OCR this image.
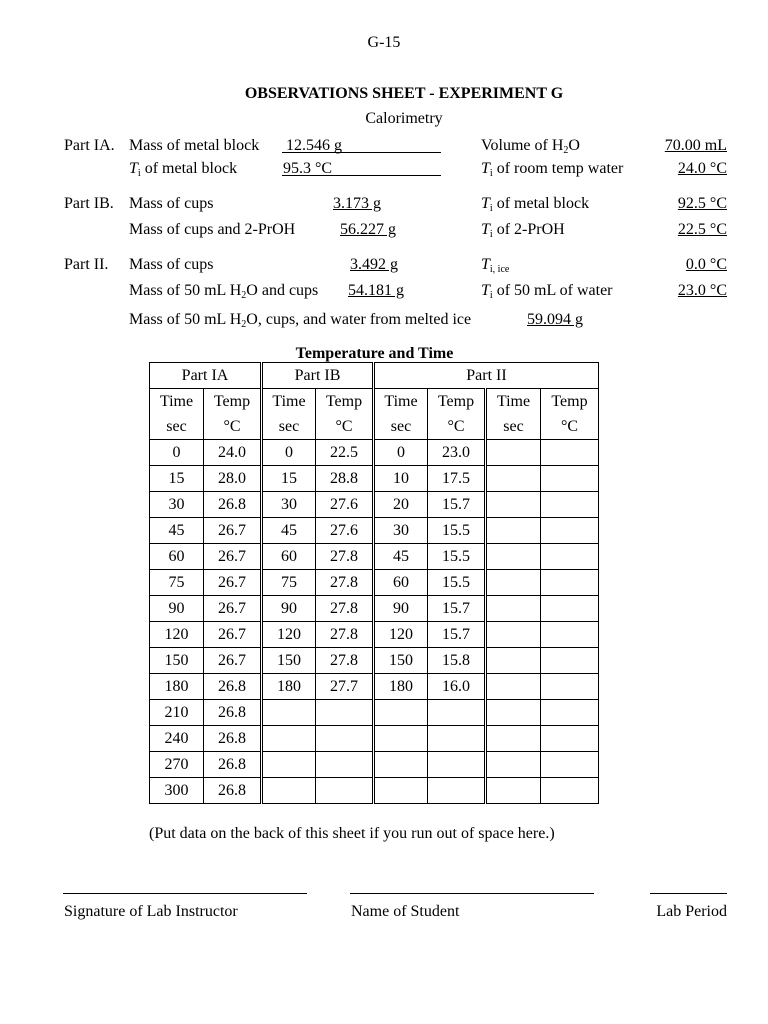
G-15
OBSERVATIONS SHEET - EXPERIMENT G
Calorimetry
Part IA. Mass of metal block 12.546 g
$T_i$ of metal block	95.3 °C
Volume of $H_2O$	70.00 mL
$T_i$ of room temp water	24.0 °C
Part IB. Mass of cups	3.173 g
Mass of cups and 2-PrOH	56.227 g
$T_i$ of metal block	92.5 °C
$T_i$ of 2-PrOH	22.5 °C
Part II. Mass of cups	3.492 g
Mass of 50 mL $H_2O$ and cups 54.181 g
Mass of 50 mL $H_2O$, cups, and water from melted ice	59.094 g
$T_{i, ice}$	0.0 °C
$T_i$ of 50 mL of water	23.0 °C
Temperature and Time
Part IA		Part IB		Part II			
Time	Temp	Time	Temp	Time	Temp	Time	Temp
sec	°C	sec	°C	sec	°C	sec	°C
0	24.0	0	22.5	0	23.0		
15	28.0	15	28.8	10	17.5		
30	26.8	30	27.6	20	15.7		
45	26.7	45	27.6	30	15.5		
60	26.7	60	27.8	45	15.5		
75	26.7	75	27.8	60	15.5		
90	26.7	90	27.8	90	15.7		
120	26.7	120	27.8	120	15.7		
150	26.7	150	27.8	150	15.8		
180	26.8	180	27.7	180	16.0		
210	26.8						
240	26.8						
270	26.8						
300	26.8						
(Put data on the back of this sheet if you run out of space here.)
Signature of Lab Instructor	Name of Student	Lab Period
